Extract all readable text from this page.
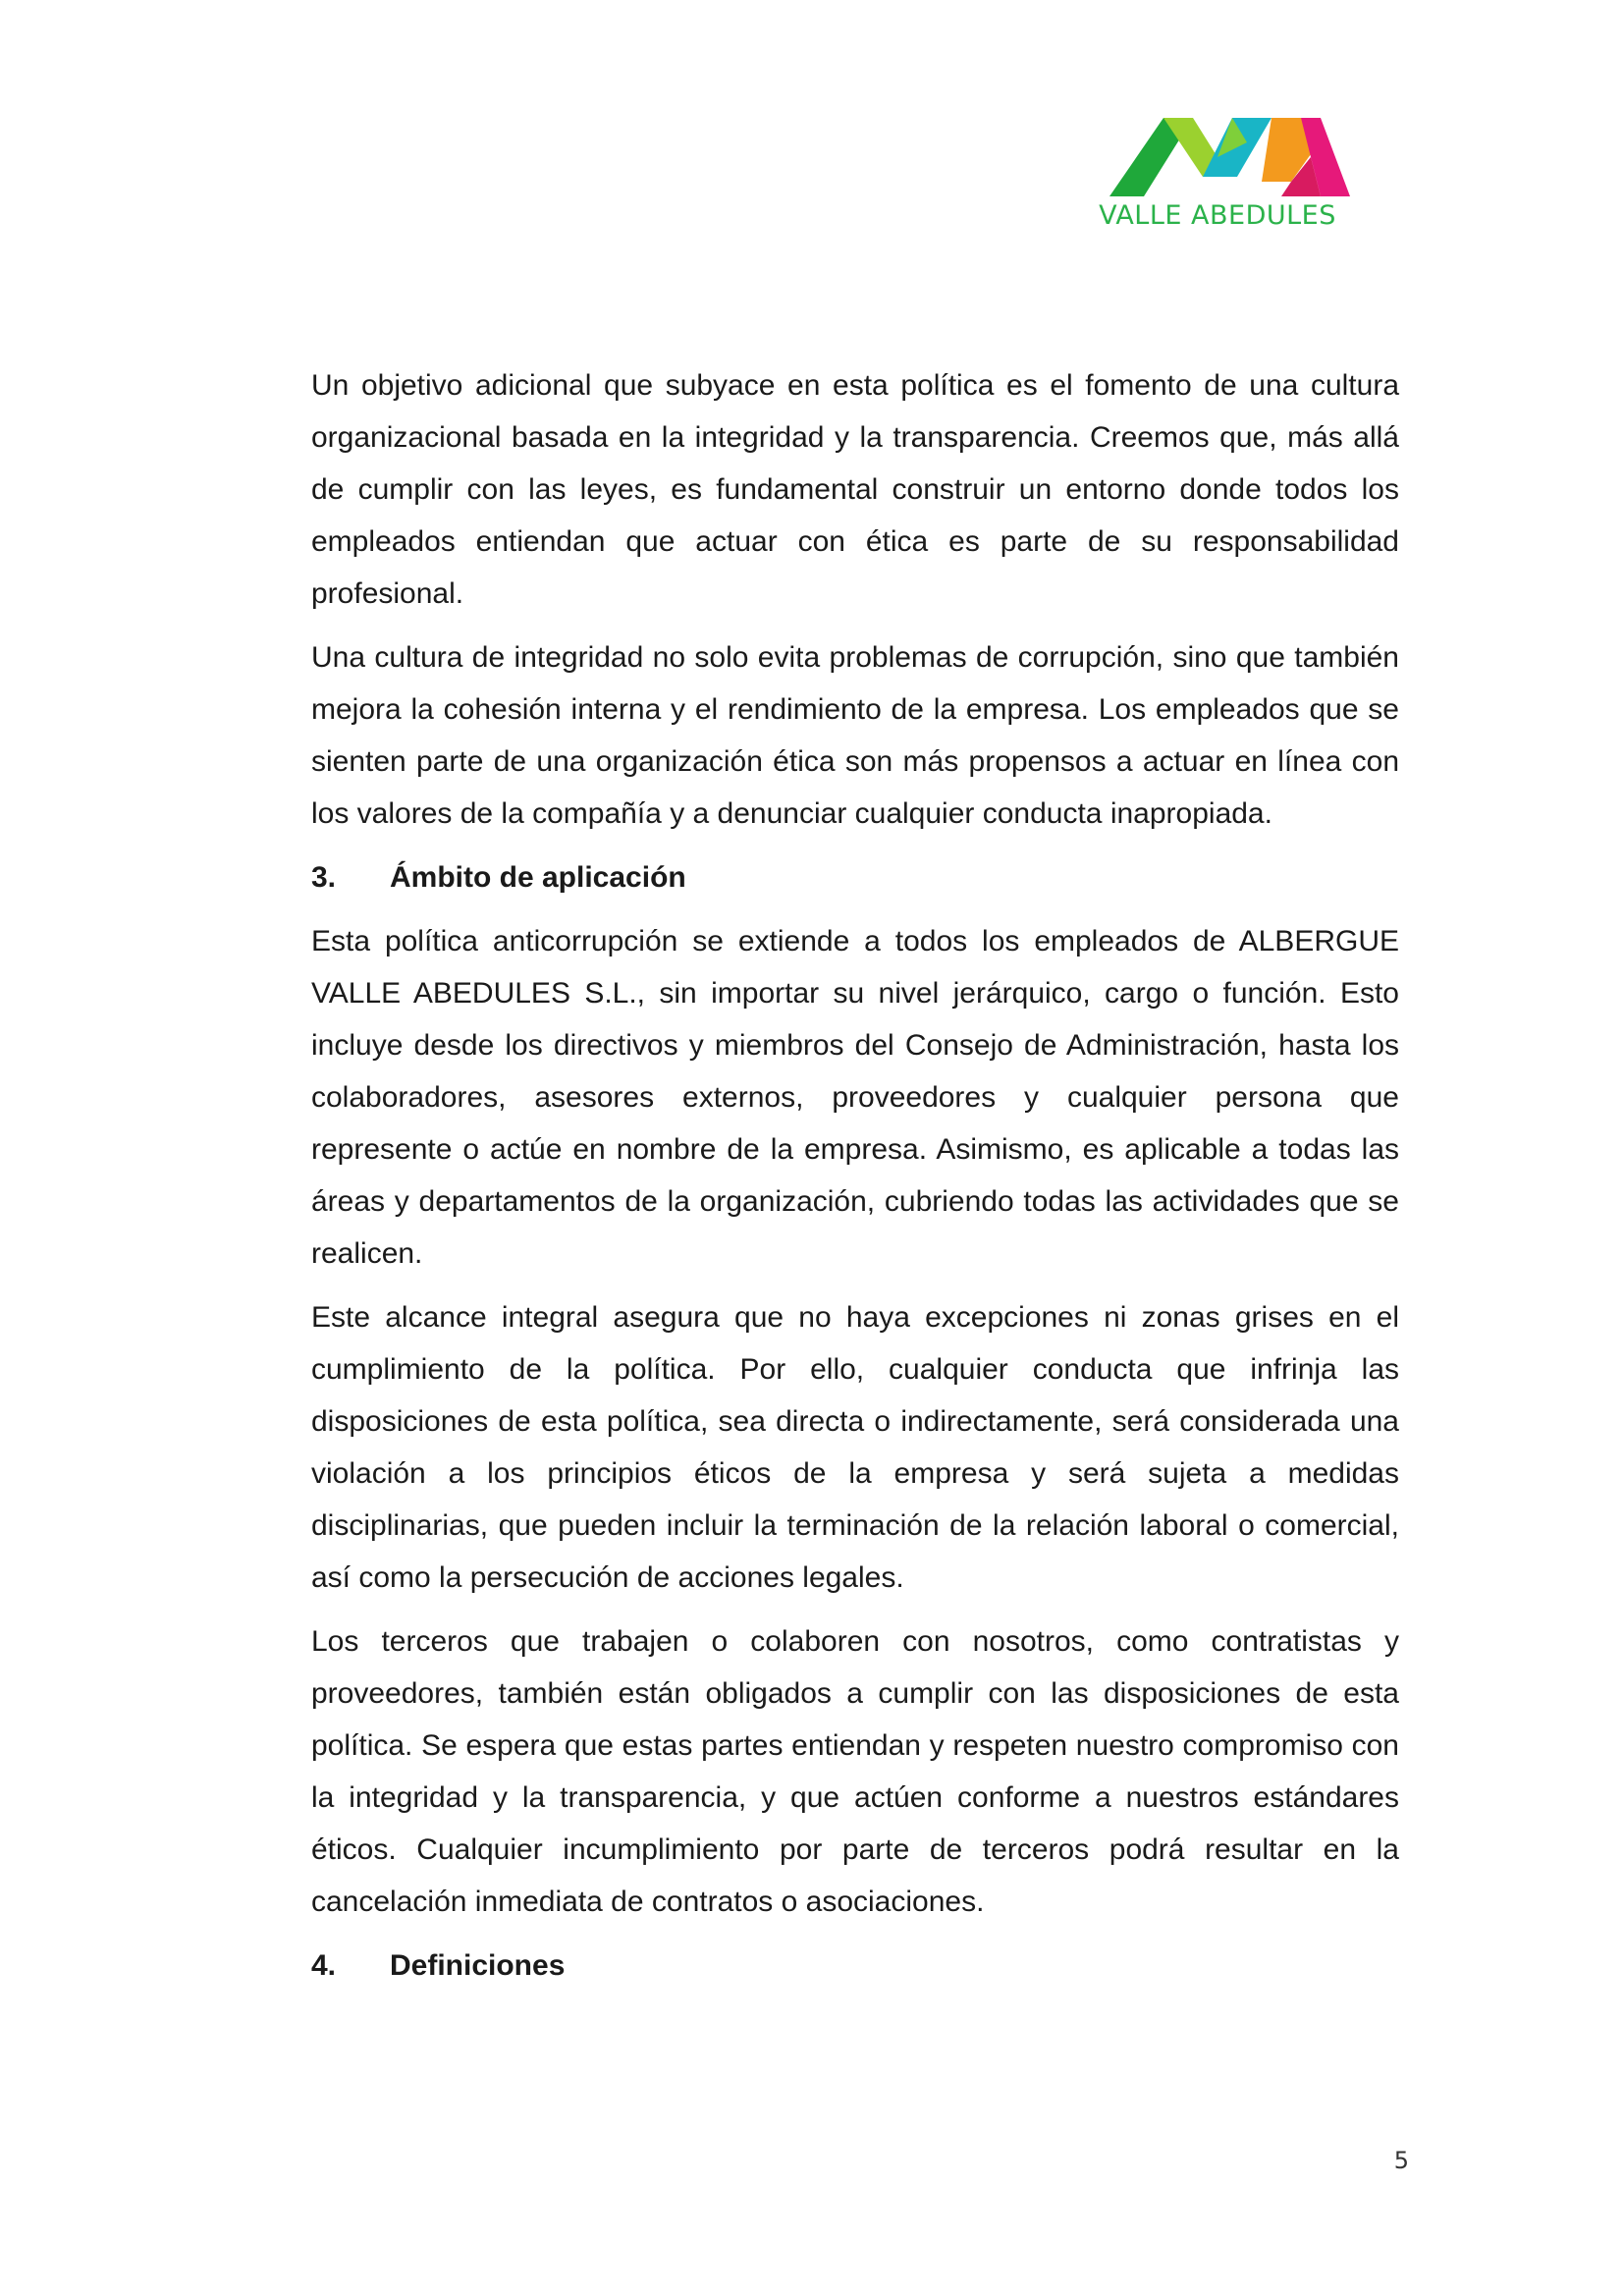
VALLE ABEDULES

Un objetivo adicional que subyace en esta política es el fomento de una cultura organizacional basada en la integridad y la transparencia. Creemos que, más allá de cumplir con las leyes, es fundamental construir un entorno donde todos los empleados entiendan que actuar con ética es parte de su responsabilidad profesional.

Una cultura de integridad no solo evita problemas de corrupción, sino que también mejora la cohesión interna y el rendimiento de la empresa. Los empleados que se sienten parte de una organización ética son más propensos a actuar en línea con los valores de la compañía y a denunciar cualquier conducta inapropiada.

3.	Ámbito de aplicación

Esta política anticorrupción se extiende a todos los empleados de ALBERGUE VALLE ABEDULES S.L., sin importar su nivel jerárquico, cargo o función. Esto incluye desde los directivos y miembros del Consejo de Administración, hasta los colaboradores, asesores externos, proveedores y cualquier persona que represente o actúe en nombre de la empresa. Asimismo, es aplicable a todas las áreas y departamentos de la organización, cubriendo todas las actividades que se realicen.

Este alcance integral asegura que no haya excepciones ni zonas grises en el cumplimiento de la política. Por ello, cualquier conducta que infrinja las disposiciones de esta política, sea directa o indirectamente, será considerada una violación a los principios éticos de la empresa y será sujeta a medidas disciplinarias, que pueden incluir la terminación de la relación laboral o comercial, así como la persecución de acciones legales.

Los terceros que trabajen o colaboren con nosotros, como contratistas y proveedores, también están obligados a cumplir con las disposiciones de esta política. Se espera que estas partes entiendan y respeten nuestro compromiso con la integridad y la transparencia, y que actúen conforme a nuestros estándares éticos. Cualquier incumplimiento por parte de terceros podrá resultar en la cancelación inmediata de contratos o asociaciones.

4.	Definiciones
5
